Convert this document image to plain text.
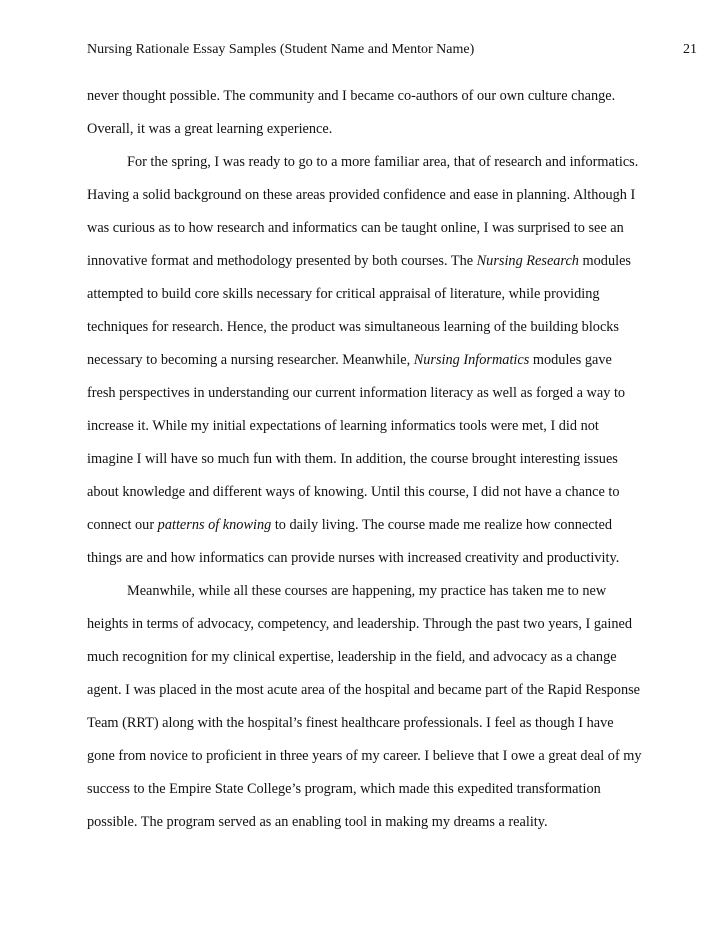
Nursing Rationale Essay Samples (Student Name and Mentor Name)	21
never thought possible. The community and I became co-authors of our own culture change.
Overall, it was a great learning experience.
For the spring, I was ready to go to a more familiar area, that of research and informatics.
Having a solid background on these areas provided confidence and ease in planning. Although I
was curious as to how research and informatics can be taught online, I was surprised to see an
innovative format and methodology presented by both courses. The Nursing Research modules
attempted to build core skills necessary for critical appraisal of literature, while providing
techniques for research. Hence, the product was simultaneous learning of the building blocks
necessary to becoming a nursing researcher. Meanwhile, Nursing Informatics modules gave
fresh perspectives in understanding our current information literacy as well as forged a way to
increase it. While my initial expectations of learning informatics tools were met, I did not
imagine I will have so much fun with them. In addition, the course brought interesting issues
about knowledge and different ways of knowing. Until this course, I did not have a chance to
connect our patterns of knowing to daily living. The course made me realize how connected
things are and how informatics can provide nurses with increased creativity and productivity.
Meanwhile, while all these courses are happening, my practice has taken me to new
heights in terms of advocacy, competency, and leadership. Through the past two years, I gained
much recognition for my clinical expertise, leadership in the field, and advocacy as a change
agent. I was placed in the most acute area of the hospital and became part of the Rapid Response
Team (RRT) along with the hospital’s finest healthcare professionals. I feel as though I have
gone from novice to proficient in three years of my career. I believe that I owe a great deal of my
success to the Empire State College’s program, which made this expedited transformation
possible. The program served as an enabling tool in making my dreams a reality.
